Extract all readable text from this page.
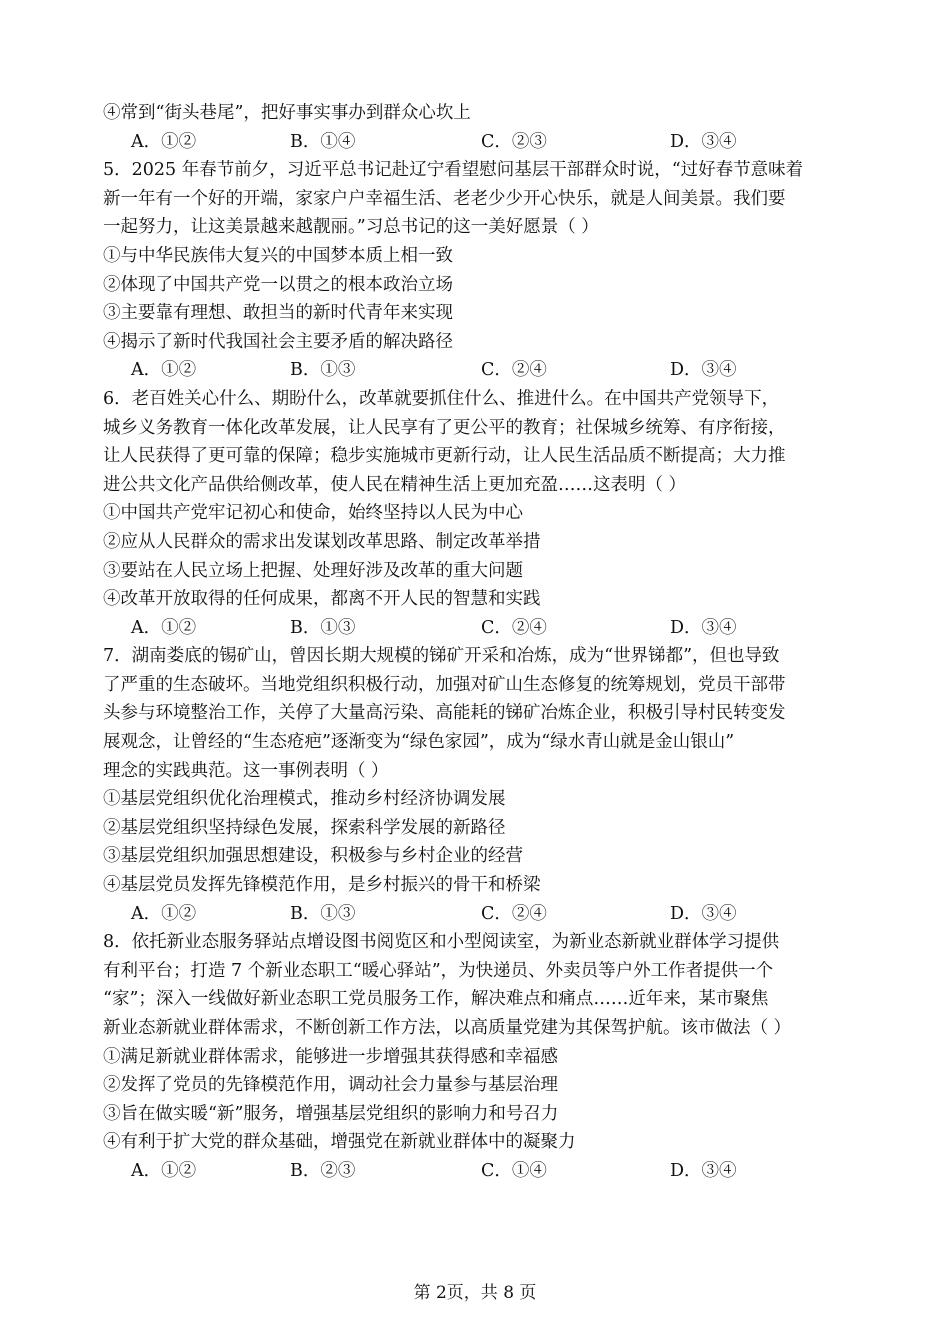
④常到“街头巷尾”，把好事实事办到群众心坎上
A．①②	B．①④	C．②③	D．③④
5．2025 年春节前夕，习近平总书记赴辽宁看望慰问基层干部群众时说，“过好春节意味着
新一年有一个好的开端，家家户户幸福生活、老老少少开心快乐，就是人间美景。我们要
一起努力，让这美景越来越靓丽。”习总书记的这一美好愿景（ ）
①与中华民族伟大复兴的中国梦本质上相一致
②体现了中国共产党一以贯之的根本政治立场
③主要靠有理想、敢担当的新时代青年来实现
④揭示了新时代我国社会主要矛盾的解决路径
A．①②	B．①③	C．②④	D．③④
6．老百姓关心什么、期盼什么，改革就要抓住什么、推进什么。在中国共产党领导下，
城乡义务教育一体化改革发展，让人民享有了更公平的教育；社保城乡统筹、有序衔接，
让人民获得了更可靠的保障；稳步实施城市更新行动，让人民生活品质不断提高；大力推
进公共文化产品供给侧改革，使人民在精神生活上更加充盈……这表明（ ）
①中国共产党牢记初心和使命，始终坚持以人民为中心
②应从人民群众的需求出发谋划改革思路、制定改革举措
③要站在人民立场上把握、处理好涉及改革的重大问题
④改革开放取得的任何成果，都离不开人民的智慧和实践
A．①②	B．①③	C．②④	D．③④
7．湖南娄底的锡矿山，曾因长期大规模的锑矿开采和冶炼，成为“世界锑都”，但也导致
了严重的生态破坏。当地党组织积极行动，加强对矿山生态修复的统筹规划，党员干部带
头参与环境整治工作，关停了大量高污染、高能耗的锑矿冶炼企业，积极引导村民转变发
展观念，让曾经的“生态疮疤”逐渐变为“绿色家园”，成为“绿水青山就是金山银山”
理念的实践典范。这一事例表明（ ）
①基层党组织优化治理模式，推动乡村经济协调发展
②基层党组织坚持绿色发展，探索科学发展的新路径
③基层党组织加强思想建设，积极参与乡村企业的经营
④基层党员发挥先锋模范作用，是乡村振兴的骨干和桥梁
A．①②	B．①③	C．②④	D．③④
8．依托新业态服务驿站点增设图书阅览区和小型阅读室，为新业态新就业群体学习提供
有利平台；打造 7 个新业态职工“暖心驿站”，为快递员、外卖员等户外工作者提供一个
“家”；深入一线做好新业态职工党员服务工作，解决难点和痛点……近年来，某市聚焦
新业态新就业群体需求，不断创新工作方法，以高质量党建为其保驾护航。该市做法（ ）
①满足新就业群体需求，能够进一步增强其获得感和幸福感
②发挥了党员的先锋模范作用，调动社会力量参与基层治理
③旨在做实暖“新”服务，增强基层党组织的影响力和号召力
④有利于扩大党的群众基础，增强党在新就业群体中的凝聚力
A．①②	B．②③	C．①④	D．③④
第 2页，共 8 页
